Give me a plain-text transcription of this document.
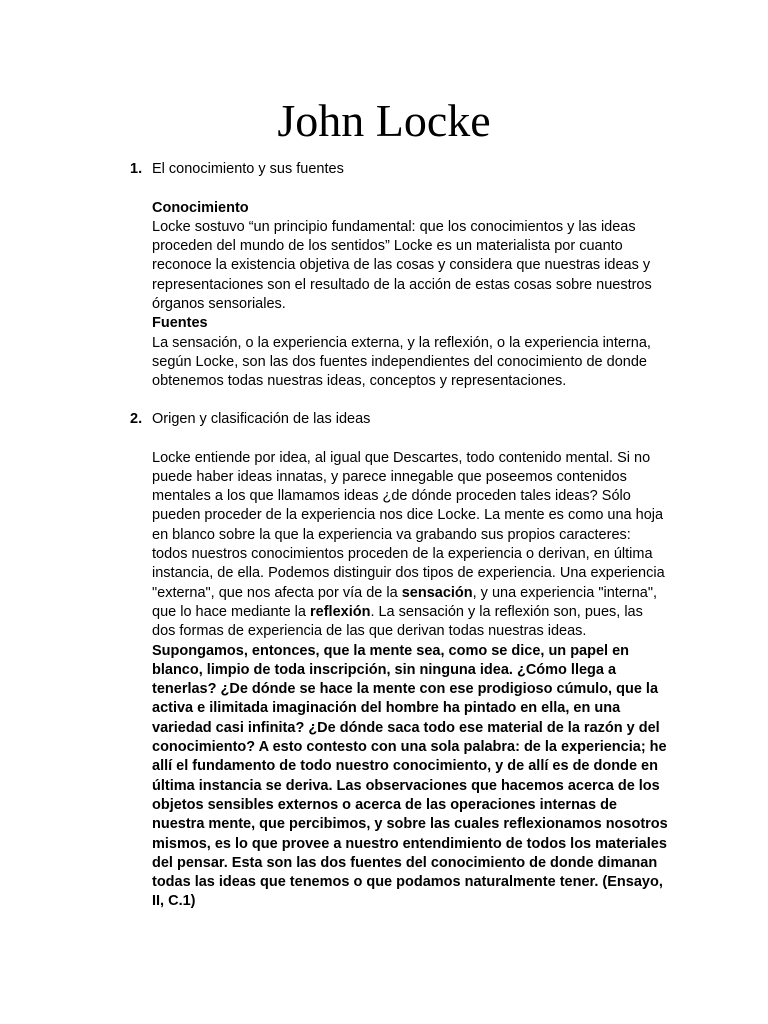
John Locke
1. El conocimiento y sus fuentes

Conocimiento

Locke sostuvo “un principio fundamental: que los conocimientos y las ideas proceden del mundo de los sentidos” Locke es un materialista por cuanto reconoce la existencia objetiva de las cosas y considera que nuestras ideas y representaciones son el resultado de la acción de estas cosas sobre nuestros órganos sensoriales.

Fuentes

La sensación, o la experiencia externa, y la reflexión, o la experiencia interna, según Locke, son las dos fuentes independientes del conocimiento de donde obtenemos todas nuestras ideas, conceptos y representaciones.

2. Origen y clasificación de las ideas

Locke entiende por idea, al igual que Descartes, todo contenido mental. Si no puede haber ideas innatas, y parece innegable que poseemos contenidos mentales a los que llamamos ideas ¿de dónde proceden tales ideas? Sólo pueden proceder de la experiencia nos dice Locke. La mente es como una hoja en blanco sobre la que la experiencia va grabando sus propios caracteres: todos nuestros conocimientos proceden de la experiencia o derivan, en última instancia, de ella. Podemos distinguir dos tipos de experiencia. Una experiencia "externa", que nos afecta por vía de la sensación, y una experiencia "interna", que lo hace mediante la reflexión. La sensación y la reflexión son, pues, las dos formas de experiencia de las que derivan todas nuestras ideas.

Supongamos, entonces, que la mente sea, como se dice, un papel en blanco, limpio de toda inscripción, sin ninguna idea. ¿Cómo llega a tenerlas? ¿De dónde se hace la mente con ese prodigioso cúmulo, que la activa e ilimitada imaginación del hombre ha pintado en ella, en una variedad casi infinita? ¿De dónde saca todo ese material de la razón y del conocimiento? A esto contesto con una sola palabra: de la experiencia; he allí el fundamento de todo nuestro conocimiento, y de allí es de donde en última instancia se deriva. Las observaciones que hacemos acerca de los objetos sensibles externos o acerca de las operaciones internas de nuestra mente, que percibimos, y sobre las cuales reflexionamos nosotros mismos, es lo que provee a nuestro entendimiento de todos los materiales del pensar. Esta son las dos fuentes del conocimiento de donde dimanan todas las ideas que tenemos o que podamos naturalmente tener. (Ensayo, II, C.1)
